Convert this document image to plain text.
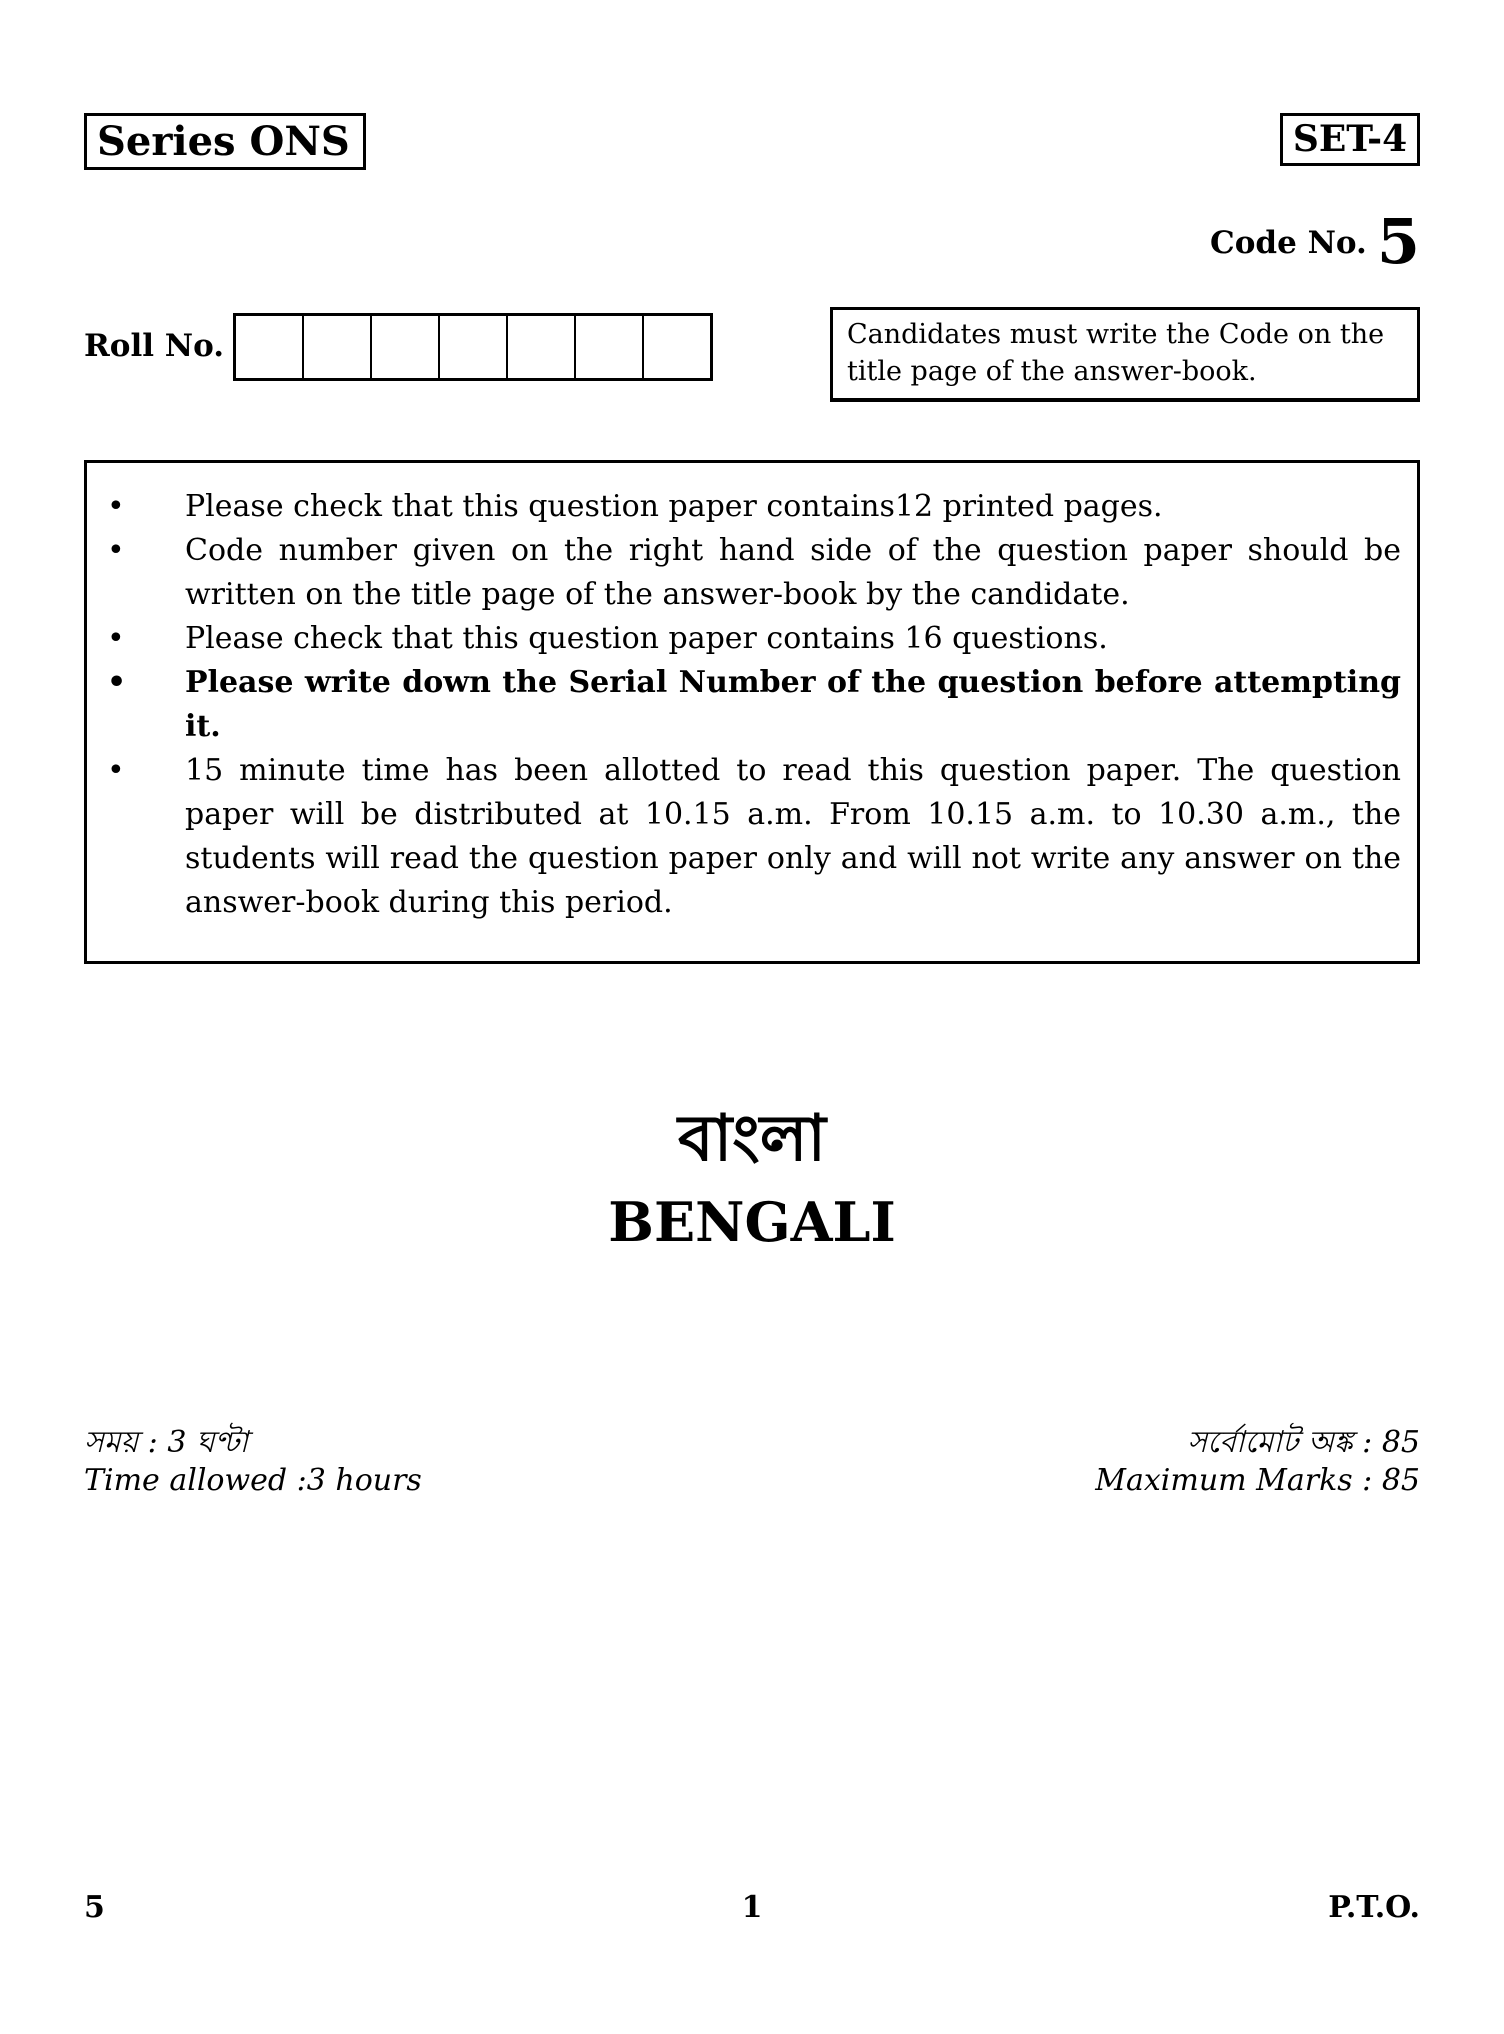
Series ONS	SET-4
Code No. 5
Roll No.	Candidates must write the Code on the title page of the answer-book.
• Please check that this question paper contains12 printed pages.
• Code number given on the right hand side of the question paper should be written on the title page of the answer-book by the candidate.
• Please check that this question paper contains 16 questions.
• Please write down the Serial Number of the question before attempting it.
• 15 minute time has been allotted to read this question paper. The question paper will be distributed at 10.15 a.m. From 10.15 a.m. to 10.30 a.m., the students will read the question paper only and will not write any answer on the answer-book during this period.
বাংলা
BENGALI
সময় : 3 ঘণ্টা
Time allowed :3 hours
সর্বোমোট অঙ্ক : 85
Maximum Marks : 85
5	1	P.T.O.
